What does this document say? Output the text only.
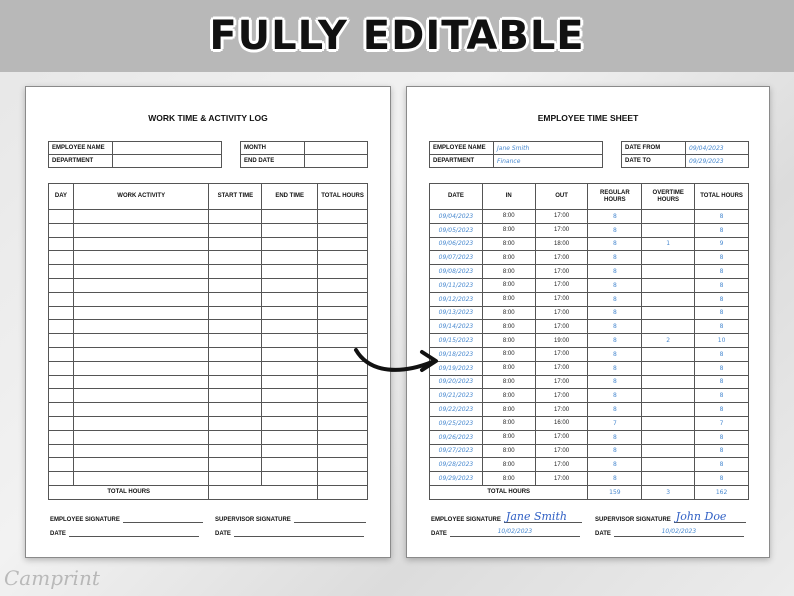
FULLY EDITABLE
WORK TIME & ACTIVITY LOG
EMPLOYEE NAME	
DEPARTMENT	
MONTH	
END DATE	
DAY	WORK ACTIVITY	START TIME	END TIME	TOTAL HOURS

TOTAL HOURS				
EMPLOYEE SIGNATURE	SUPERVISOR SIGNATURE
DATE	DATE
EMPLOYEE TIME SHEET
EMPLOYEE NAME	Jane Smith
DEPARTMENT	Finance
DATE FROM	09/04/2023
DATE TO	09/29/2023
DATE	IN	OUT	REGULAR HOURS	OVERTIME HOURS	TOTAL HOURS
09/04/2023	8:00	17:00	8		8
09/05/2023	8:00	17:00	8		8
09/06/2023	8:00	18:00	8	1	9
09/07/2023	8:00	17:00	8		8
09/08/2023	8:00	17:00	8		8
09/11/2023	8:00	17:00	8		8
09/12/2023	8:00	17:00	8		8
09/13/2023	8:00	17:00	8		8
09/14/2023	8:00	17:00	8		8
09/15/2023	8:00	19:00	8	2	10
09/18/2023	8:00	17:00	8		8
09/19/2023	8:00	17:00	8		8
09/20/2023	8:00	17:00	8		8
09/21/2023	8:00	17:00	8		8
09/22/2023	8:00	17:00	8		8
09/25/2023	8:00	16:00	7		7
09/26/2023	8:00	17:00	8		8
09/27/2023	8:00	17:00	8		8
09/28/2023	8:00	17:00	8		8
09/29/2023	8:00	17:00	8		8
TOTAL HOURS			159	3	162
EMPLOYEE SIGNATURE Jane Smith	SUPERVISOR SIGNATURE John Doe
DATE	10/02/2023	DATE	10/02/2023
Camprint
